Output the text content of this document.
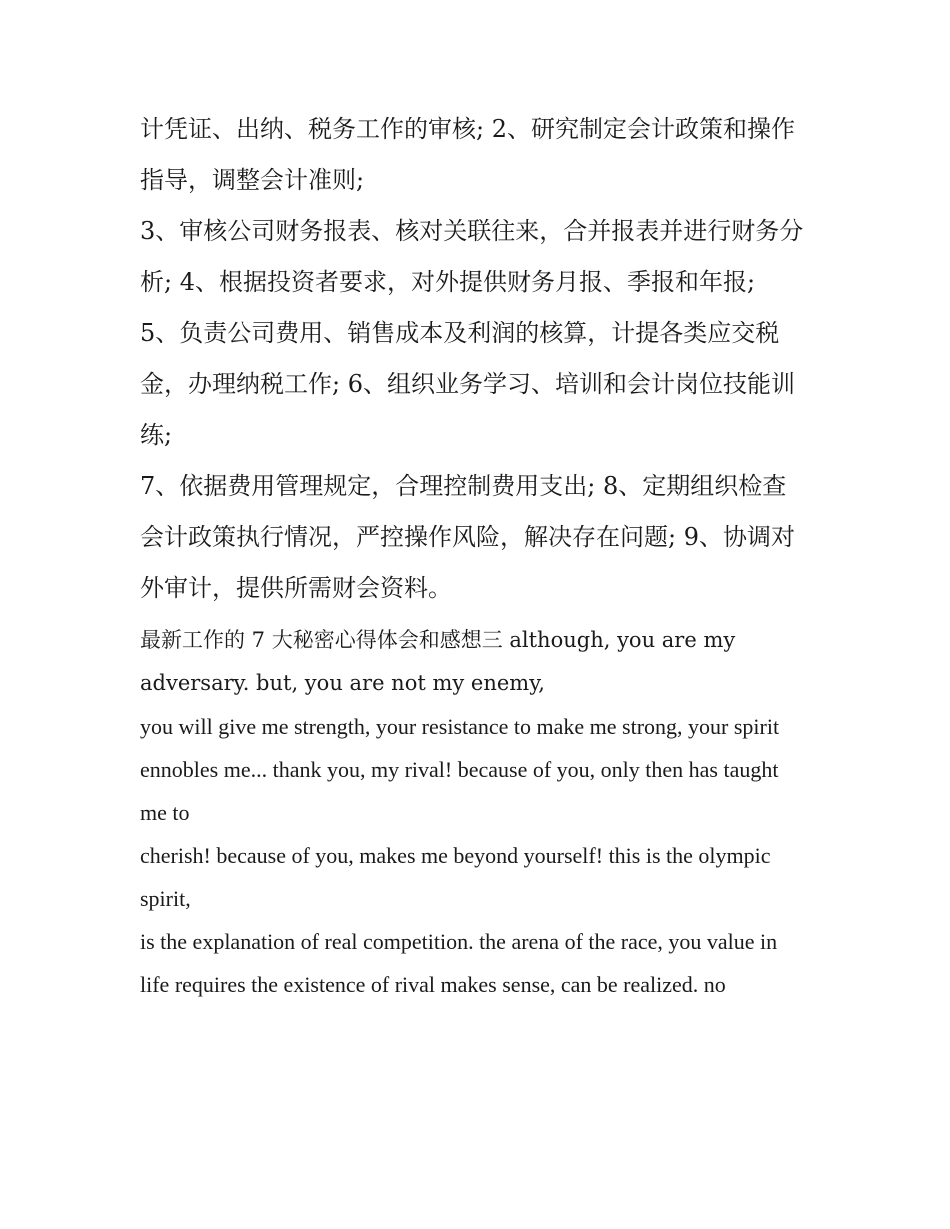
计凭证、出纳、税务工作的审核; 2、研究制定会计政策和操作指导，调整会计准则;

3、审核公司财务报表、核对关联往来，合并报表并进行财务分析; 4、根据投资者要求，对外提供财务月报、季报和年报;

5、负责公司费用、销售成本及利润的核算，计提各类应交税金，办理纳税工作; 6、组织业务学习、培训和会计岗位技能训练;

7、依据费用管理规定，合理控制费用支出; 8、定期组织检查会计政策执行情况，严控操作风险，解决存在问题; 9、协调对外审计，提供所需财会资料。

最新工作的 7 大秘密心得体会和感想三 although, you are my adversary. but, you are not my enemy,

you will give me strength, your resistance to make me strong, your spirit

ennobles me... thank you, my rival! because of you, only then has taught me to

cherish! because of you, makes me beyond yourself! this is the olympic spirit,

is the explanation of real competition. the arena of the race, you value in

life requires the existence of rival makes sense, can be realized. no
